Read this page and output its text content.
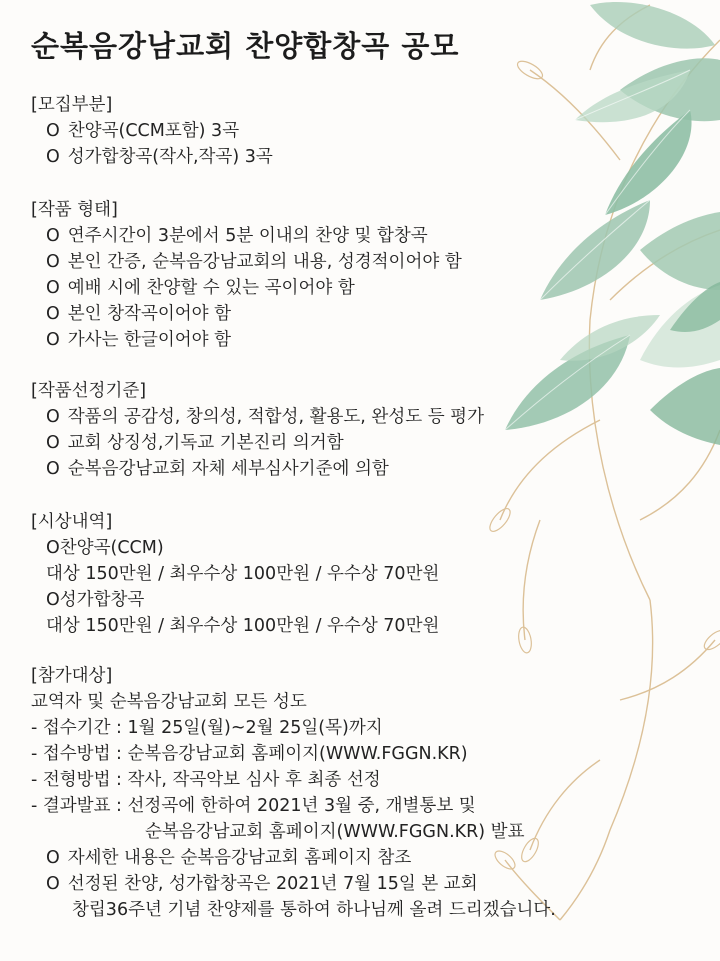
순복음강남교회 찬양합창곡 공모
[모집부분]
O 찬양곡(CCM포함) 3곡
O 성가합창곡(작사,작곡) 3곡
[작품 형태]
O 연주시간이 3분에서 5분 이내의 찬양 및 합창곡
O 본인 간증, 순복음강남교회의 내용, 성경적이어야 함
O 예배 시에 찬양할 수 있는 곡이어야 함
O 본인 창작곡이어야 함
O 가사는 한글이어야 함
[작품선정기준]
O 작품의 공감성, 창의성, 적합성, 활용도, 완성도 등 평가
O 교회 상징성,기독교 기본진리 의거함
O 순복음강남교회 자체 세부심사기준에 의함
[시상내역]
O찬양곡(CCM)
대상 150만원 / 최우수상 100만원 / 우수상 70만원
O성가합창곡
대상 150만원 / 최우수상 100만원 / 우수상 70만원
[참가대상]
교역자 및 순복음강남교회 모든 성도
- 접수기간 : 1월 25일(월)~2월 25일(목)까지
- 접수방법 : 순복음강남교회 홈페이지(WWW.FGGN.KR)
- 전형방법 : 작사, 작곡악보 심사 후 최종 선정
- 결과발표 : 선정곡에 한하여 2021년 3월 중, 개별통보 및
순복음강남교회 홈페이지(WWW.FGGN.KR) 발표
O 자세한 내용은 순복음강남교회 홈페이지 참조
O 선정된 찬양, 성가합창곡은 2021년 7월 15일 본 교회
창립36주년 기념 찬양제를 통하여 하나님께 올려 드리겠습니다.
